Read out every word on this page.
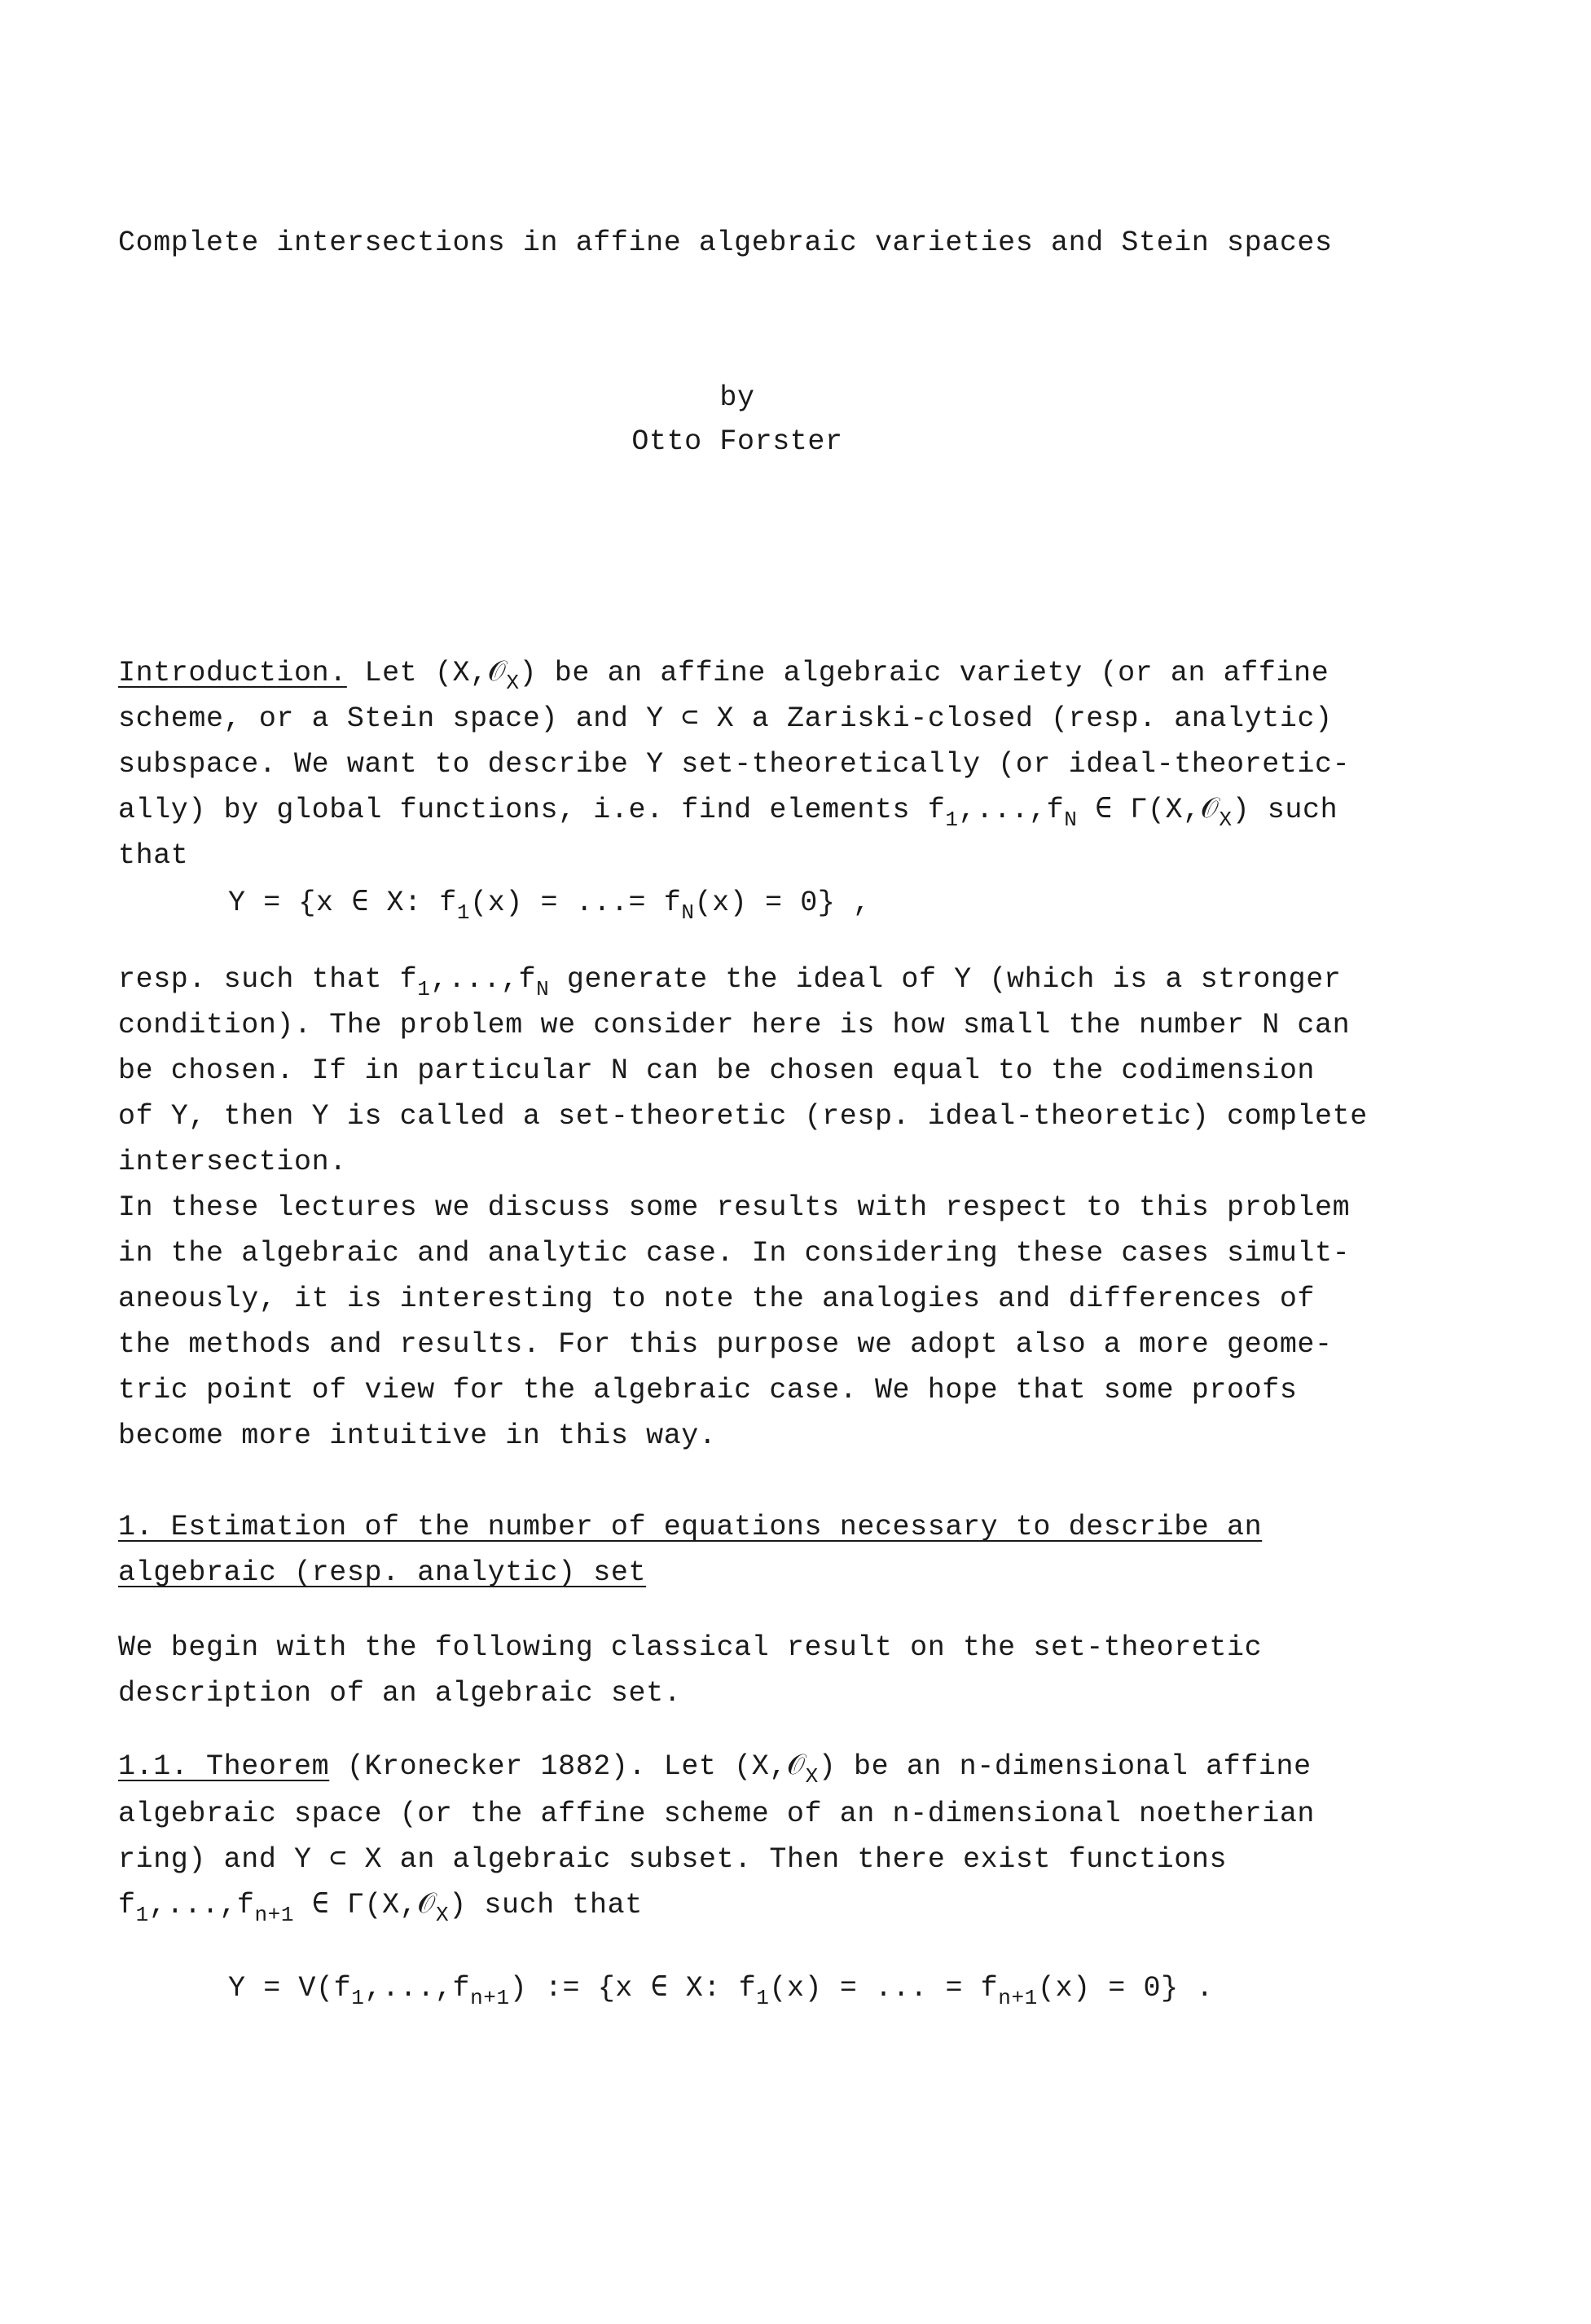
Complete intersections in affine algebraic varieties and Stein spaces
by
Otto Forster
Introduction. Let (X,𝒪$_X$) be an affine algebraic variety (or an affine
scheme, or a Stein space) and Y ⊂ X a Zariski-closed (resp. analytic)
subspace. We want to describe Y set-theoretically (or ideal-theoretic-
ally) by global functions, i.e. find elements $f_1,...,f_N$ ∈ Γ(X,𝒪$_X$) such
that
Y = {x ∈ X: $f_1(x)$ = ...= $f_N(x) = 0$} ,
resp. such that $f_1,...,f_N$ generate the ideal of Y (which is a stronger
condition). The problem we consider here is how small the number N can
be chosen. If in particular N can be chosen equal to the codimension
of Y, then Y is called a set-theoretic (resp. ideal-theoretic) complete
intersection.
In these lectures we discuss some results with respect to this problem
in the algebraic and analytic case. In considering these cases simult-
aneously, it is interesting to note the analogies and differences of
the methods and results. For this purpose we adopt also a more geome-
tric point of view for the algebraic case. We hope that some proofs
become more intuitive in this way.
1. Estimation of the number of equations necessary to describe an
algebraic (resp. analytic) set
We begin with the following classical result on the set-theoretic
description of an algebraic set.
1.1. Theorem (Kronecker 1882). Let (X,𝒪$_X$) be an n-dimensional affine
algebraic space (or the affine scheme of an n-dimensional noetherian
ring) and Y ⊂ X an algebraic subset. Then there exist functions
$f_1,...,f_{n+1}$ ∈ Γ(X,𝒪$_X$) such that
$Y = V(f_1,...,f_{n+1})$ := {x ∈ X: $f_1(x)$ = ... = $f_{n+1}(x) = 0$} .
